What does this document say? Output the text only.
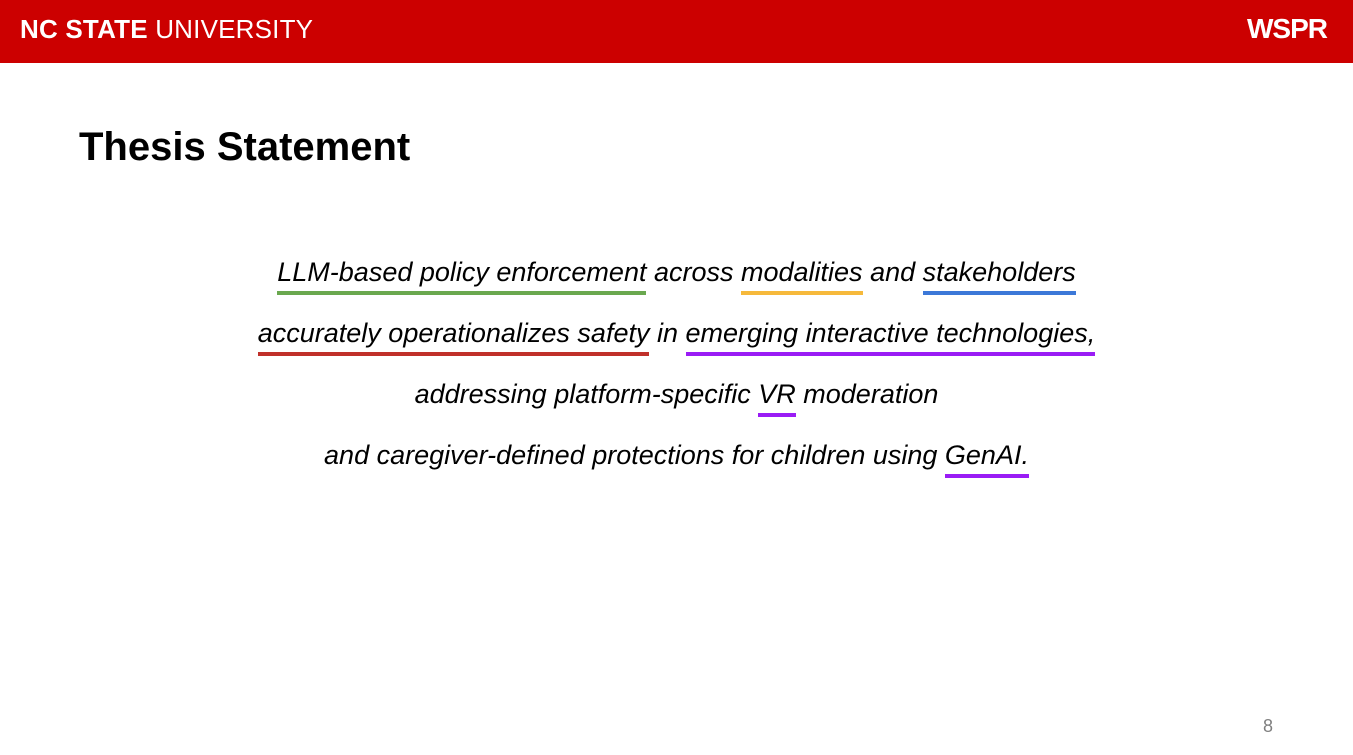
NC STATE UNIVERSITY	WSPR
Thesis Statement
LLM-based policy enforcement across modalities and stakeholders
accurately operationalizes safety in emerging interactive technologies,
addressing platform-specific VR moderation
and caregiver-defined protections for children using GenAI.
8
